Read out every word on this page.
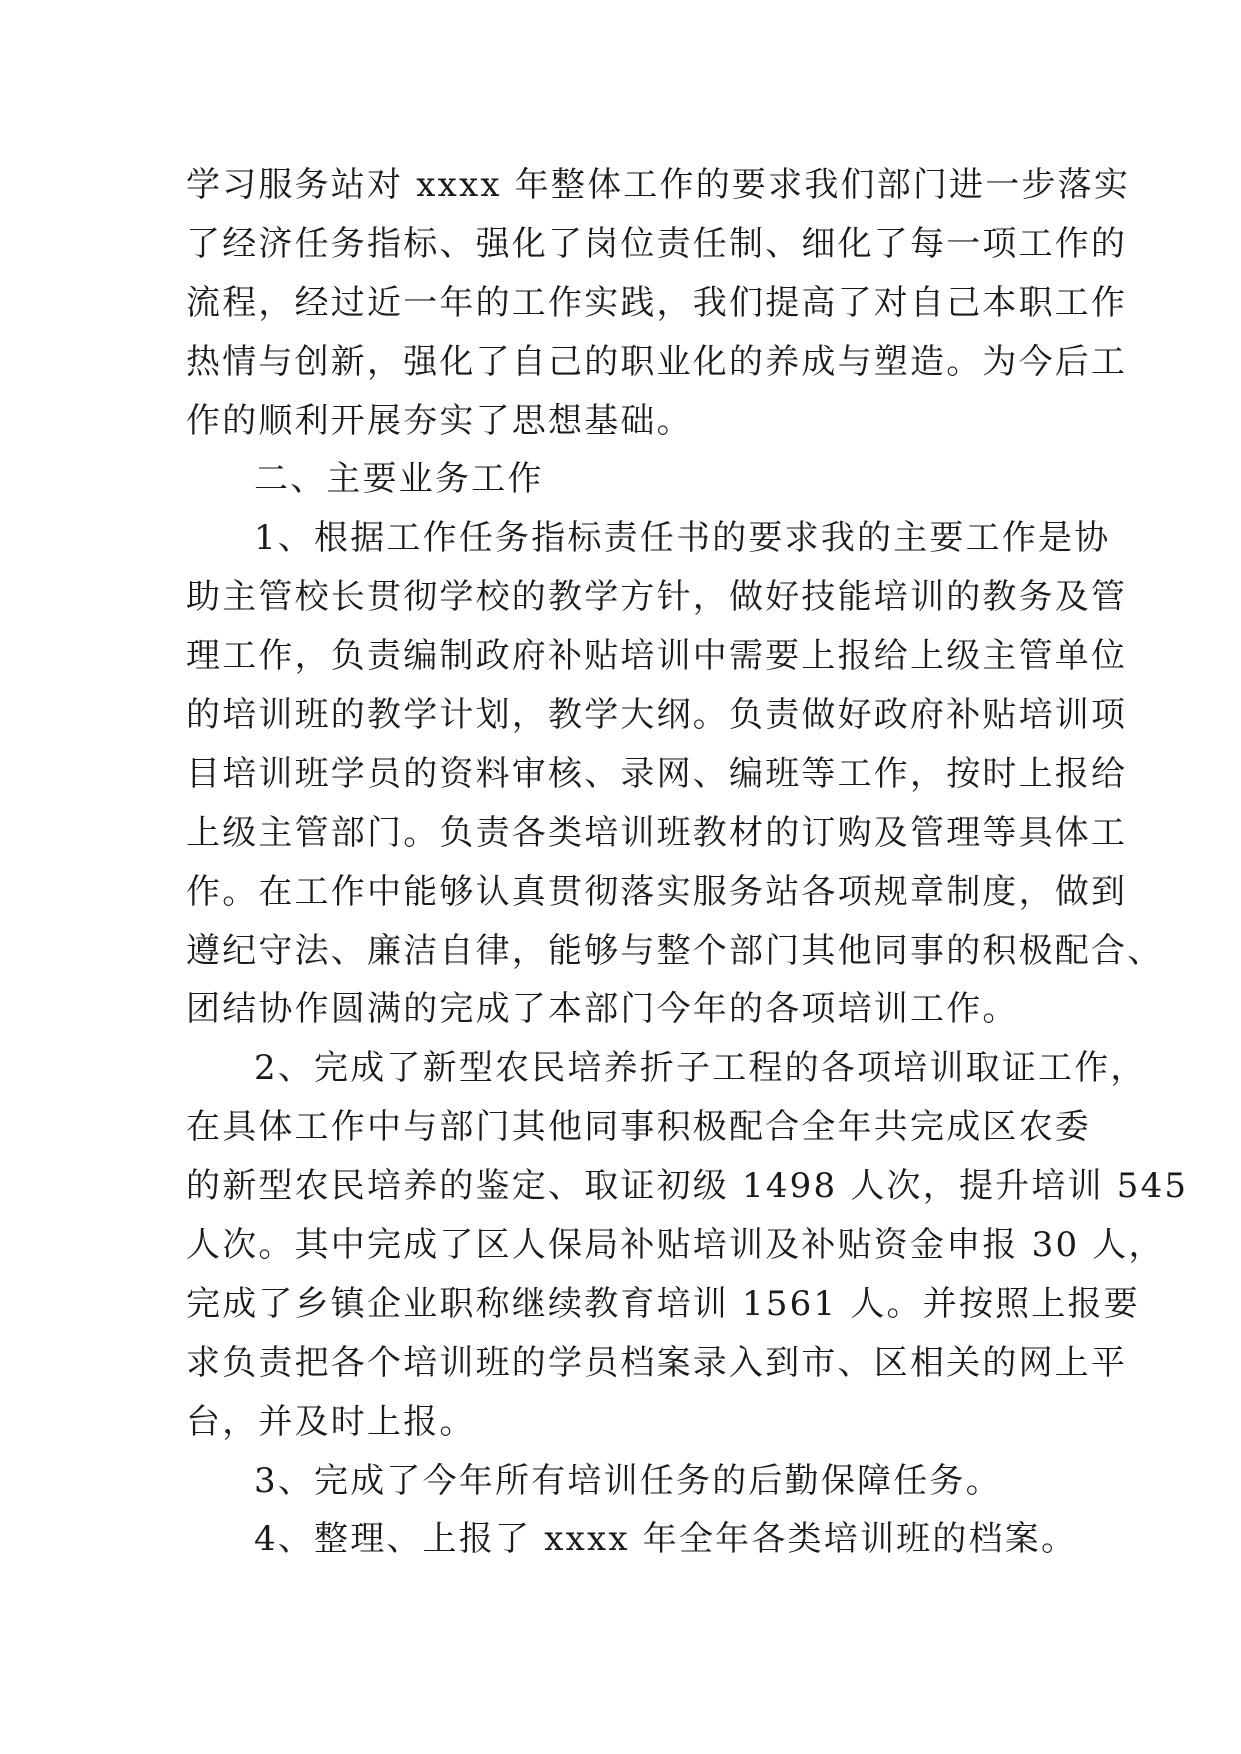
学习服务站对 xxxx 年整体工作的要求我们部门进一步落实
了经济任务指标、强化了岗位责任制、细化了每一项工作的
流程，经过近一年的工作实践，我们提高了对自己本职工作
热情与创新，强化了自己的职业化的养成与塑造。为今后工
作的顺利开展夯实了思想基础。
二、主要业务工作
1、根据工作任务指标责任书的要求我的主要工作是协
助主管校长贯彻学校的教学方针，做好技能培训的教务及管
理工作，负责编制政府补贴培训中需要上报给上级主管单位
的培训班的教学计划，教学大纲。负责做好政府补贴培训项
目培训班学员的资料审核、录网、编班等工作，按时上报给
上级主管部门。负责各类培训班教材的订购及管理等具体工
作。在工作中能够认真贯彻落实服务站各项规章制度，做到
遵纪守法、廉洁自律，能够与整个部门其他同事的积极配合、
团结协作圆满的完成了本部门今年的各项培训工作。
2、完成了新型农民培养折子工程的各项培训取证工作，
在具体工作中与部门其他同事积极配合全年共完成区农委
的新型农民培养的鉴定、取证初级 1498 人次，提升培训 545
人次。其中完成了区人保局补贴培训及补贴资金申报 30 人，
完成了乡镇企业职称继续教育培训 1561 人。并按照上报要
求负责把各个培训班的学员档案录入到市、区相关的网上平
台，并及时上报。
3、完成了今年所有培训任务的后勤保障任务。
4、整理、上报了 xxxx 年全年各类培训班的档案。
